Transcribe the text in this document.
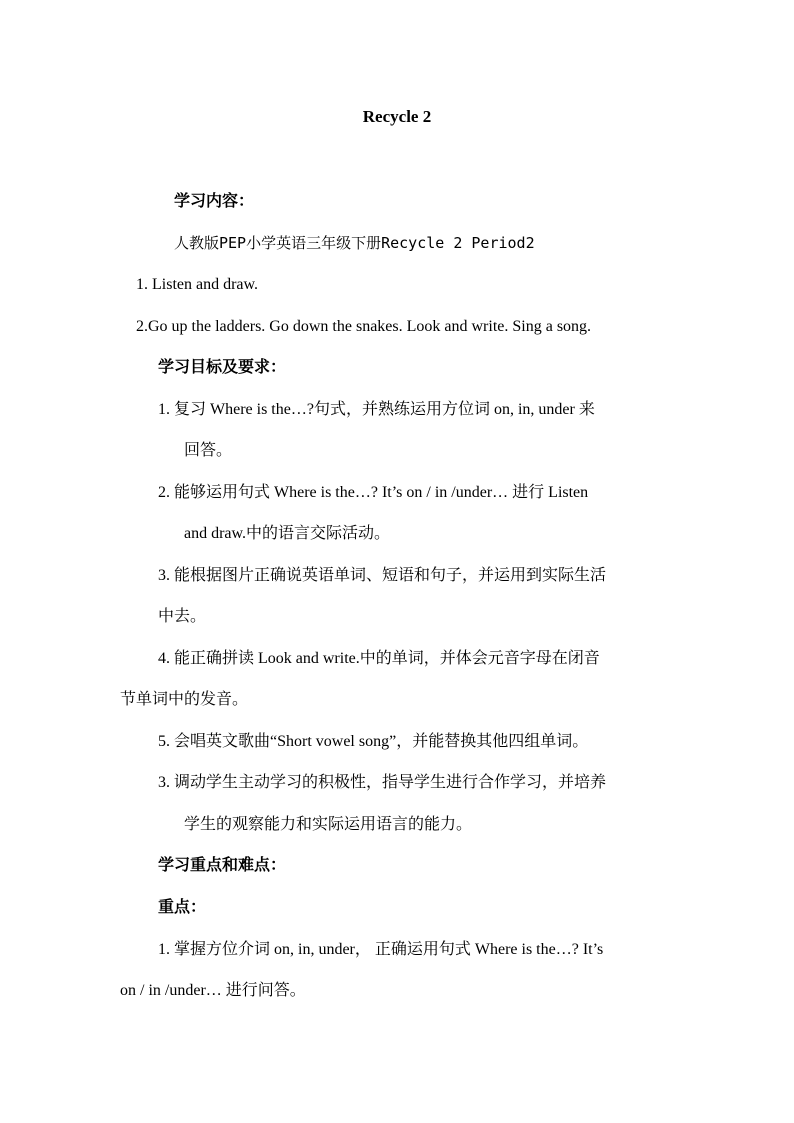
Recycle 2
学习内容：
人教版PEP小学英语三年级下册Recycle 2 Period2
1. Listen and draw.
2.Go up the ladders. Go down the snakes. Look and write. Sing a song.
学习目标及要求：
1. 复习 Where is the…?句式，并熟练运用方位词 on, in, under 来
回答。
2. 能够运用句式 Where is the…? It’s on / in /under… 进行 Listen
and draw.中的语言交际活动。
3. 能根据图片正确说英语单词、短语和句子，并运用到实际生活
中去。
4. 能正确拼读 Look and write.中的单词，并体会元音字母在闭音
节单词中的发音。
5. 会唱英文歌曲“Short vowel song”，并能替换其他四组单词。
3. 调动学生主动学习的积极性，指导学生进行合作学习，并培养
学生的观察能力和实际运用语言的能力。
学习重点和难点：
重点：
1. 掌握方位介词 on, in, under， 正确运用句式 Where is the…? It’s
on / in /under… 进行问答。
